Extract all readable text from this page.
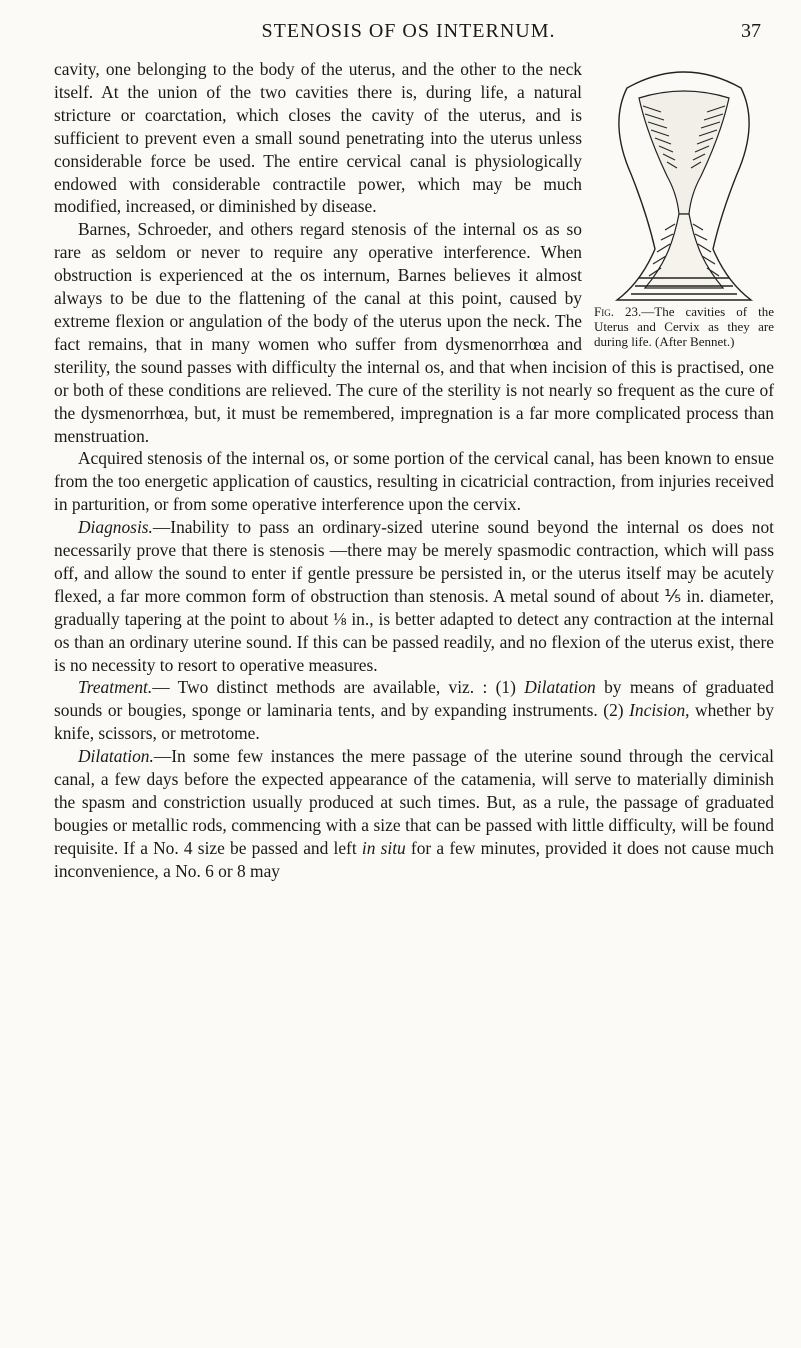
STENOSIS OF OS INTERNUM.	37
Fig. 23.—The cavities of the Uterus and Cervix as they are during life. (After Bennet.)

cavity, one belonging to the body of the uterus, and the other to the neck itself. At the union of the two cavities there is, during life, a natural stricture or coarctation, which closes the cavity of the uterus, and is sufficient to prevent even a small sound penetrating into the uterus unless considerable force be used. The entire cervical canal is physiologically endowed with considerable contractile power, which may be much modified, increased, or diminished by disease.

Barnes, Schroeder, and others regard stenosis of the internal os as so rare as seldom or never to require any operative interference. When obstruction is experienced at the os internum, Barnes believes it almost always to be due to the flattening of the canal at this point, caused by extreme flexion or angulation of the body of the uterus upon the neck. The fact remains, that in many women who suffer from dysmenorrhœa and sterility, the sound passes with difficulty the internal os, and that when incision of this is practised, one or both of these conditions are relieved. The cure of the sterility is not nearly so frequent as the cure of the dysmenorrhœa, but, it must be remembered, impregnation is a far more complicated process than menstruation.

Acquired stenosis of the internal os, or some portion of the cervical canal, has been known to ensue from the too energetic application of caustics, resulting in cicatricial contraction, from injuries received in parturition, or from some operative interference upon the cervix.

Diagnosis.—Inability to pass an ordinary-sized uterine sound beyond the internal os does not necessarily prove that there is stenosis —there may be merely spasmodic contraction, which will pass off, and allow the sound to enter if gentle pressure be persisted in, or the uterus itself may be acutely flexed, a far more common form of obstruction than stenosis. A metal sound of about ⅕ in. diameter, gradually tapering at the point to about ⅛ in., is better adapted to detect any contraction at the internal os than an ordinary uterine sound. If this can be passed readily, and no flexion of the uterus exist, there is no necessity to resort to operative measures.

Treatment.— Two distinct methods are available, viz. : (1) Dilatation by means of graduated sounds or bougies, sponge or laminaria tents, and by expanding instruments. (2) Incision, whether by knife, scissors, or metrotome.

Dilatation.—In some few instances the mere passage of the uterine sound through the cervical canal, a few days before the expected appearance of the catamenia, will serve to materially diminish the spasm and constriction usually produced at such times. But, as a rule, the passage of graduated bougies or metallic rods, commencing with a size that can be passed with little difficulty, will be found requisite. If a No. 4 size be passed and left in situ for a few minutes, provided it does not cause much inconvenience, a No. 6 or 8 may
